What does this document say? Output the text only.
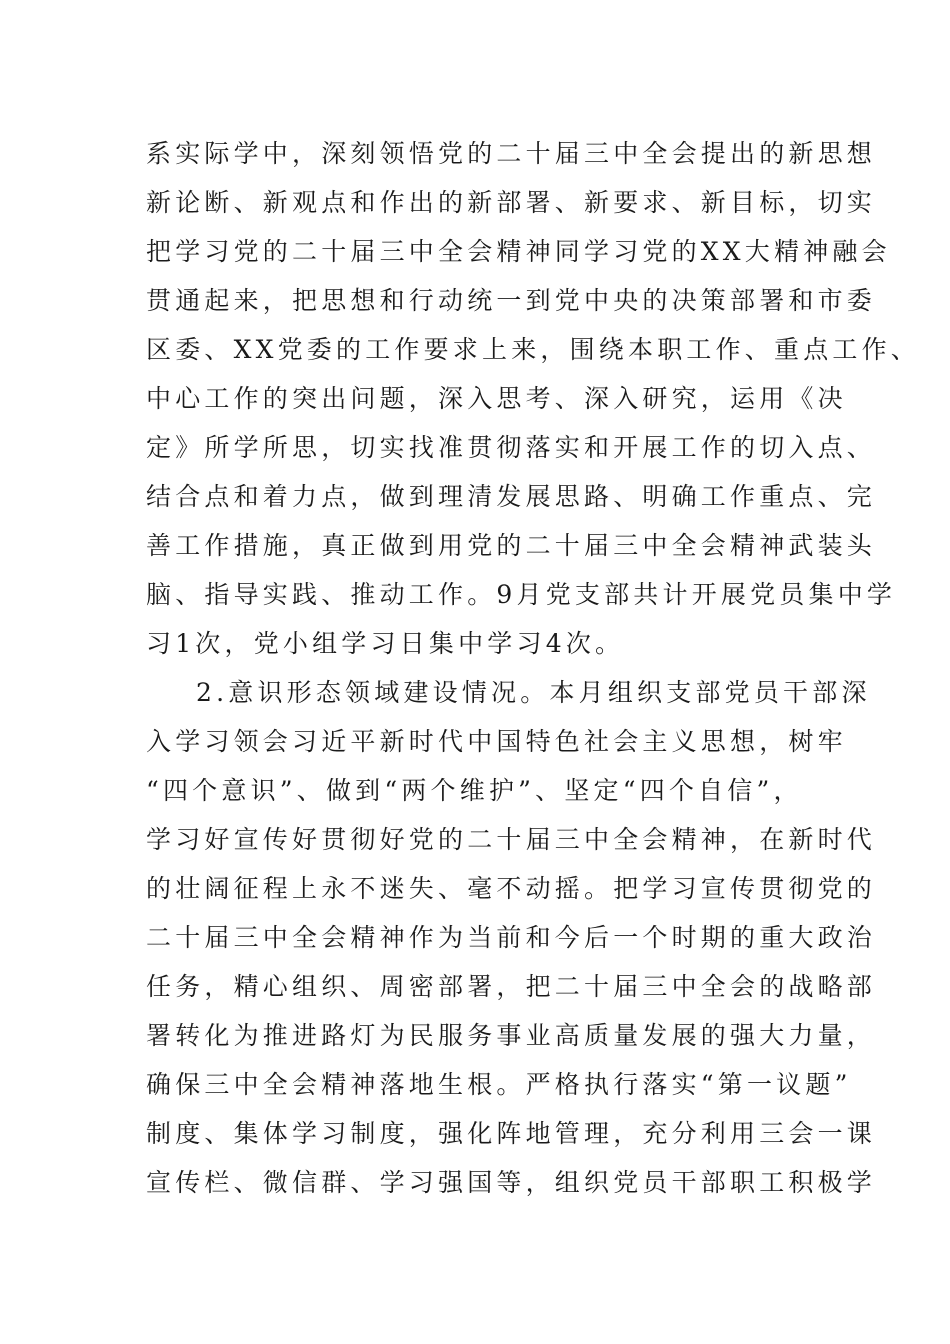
系实际学中，深刻领悟党的二十届三中全会提出的新思想
新论断、新观点和作出的新部署、新要求、新目标，切实
把学习党的二十届三中全会精神同学习党的XX大精神融会
贯通起来，把思想和行动统一到党中央的决策部署和市委
区委、XX党委的工作要求上来，围绕本职工作、重点工作、
中心工作的突出问题，深入思考、深入研究，运用《决
定》所学所思，切实找准贯彻落实和开展工作的切入点、
结合点和着力点，做到理清发展思路、明确工作重点、完
善工作措施，真正做到用党的二十届三中全会精神武装头
脑、指导实践、推动工作。9月党支部共计开展党员集中学
习1次，党小组学习日集中学习4次。
2.意识形态领域建设情况。本月组织支部党员干部深
入学习领会习近平新时代中国特色社会主义思想，树牢
“四个意识”、做到“两个维护”、坚定“四个自信”，
学习好宣传好贯彻好党的二十届三中全会精神，在新时代
的壮阔征程上永不迷失、毫不动摇。把学习宣传贯彻党的
二十届三中全会精神作为当前和今后一个时期的重大政治
任务，精心组织、周密部署，把二十届三中全会的战略部
署转化为推进路灯为民服务事业高质量发展的强大力量，
确保三中全会精神落地生根。严格执行落实“第一议题”
制度、集体学习制度，强化阵地管理，充分利用三会一课
宣传栏、微信群、学习强国等，组织党员干部职工积极学
